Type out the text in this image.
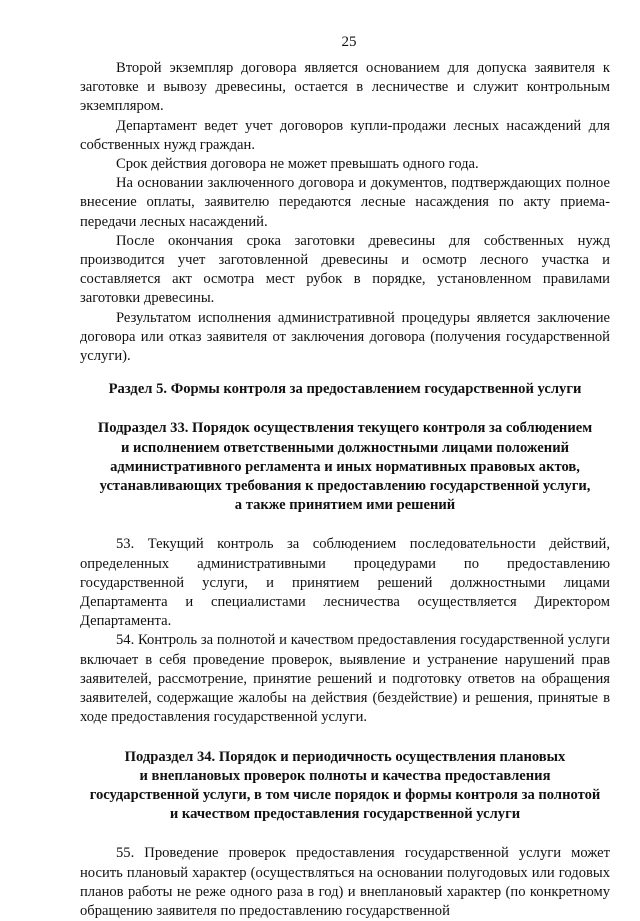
25

Второй экземпляр договора является основанием для допуска заявителя к заготовке и вывозу древесины, остается в лесничестве и служит контрольным экземпляром.

Департамент ведет учет договоров купли-продажи лесных насаждений для собственных нужд граждан.

Срок действия договора не может превышать одного года.

На основании заключенного договора и документов, подтверждающих полное внесение оплаты, заявителю передаются лесные насаждения по акту приема-передачи лесных насаждений.

После окончания срока заготовки древесины для собственных нужд производится учет заготовленной древесины и осмотр лесного участка и составляется акт осмотра мест рубок в порядке, установленном правилами заготовки древесины.

Результатом исполнения административной процедуры является заключение договора или отказ заявителя от заключения договора (получения государственной услуги).

Раздел 5. Формы контроля за предоставлением государственной услуги
Подраздел 33. Порядок осуществления текущего контроля за соблюдением
и исполнением ответственными должностными лицами положений
административного регламента и иных нормативных правовых актов,
устанавливающих требования к предоставлению государственной услуги,
а также принятием ими решений

53. Текущий контроль за соблюдением последовательности действий, определенных административными процедурами по предоставлению государственной услуги, и принятием решений должностными лицами Департамента и специалистами лесничества осуществляется Директором Департамента.

54. Контроль за полнотой и качеством предоставления государственной услуги включает в себя проведение проверок, выявление и устранение нарушений прав заявителей, рассмотрение, принятие решений и подготовку ответов на обращения заявителей, содержащие жалобы на действия (бездействие) и решения, принятые в ходе предоставления государственной услуги.

Подраздел 34. Порядок и периодичность осуществления плановых
и внеплановых проверок полноты и качества предоставления
государственной услуги, в том числе порядок и формы контроля за полнотой
и качеством предоставления государственной услуги

55. Проведение проверок предоставления государственной услуги может носить плановый характер (осуществляться на основании полугодовых или годовых планов работы не реже одного раза в год) и внеплановый характер (по конкретному обращению заявителя по предоставлению государственной
